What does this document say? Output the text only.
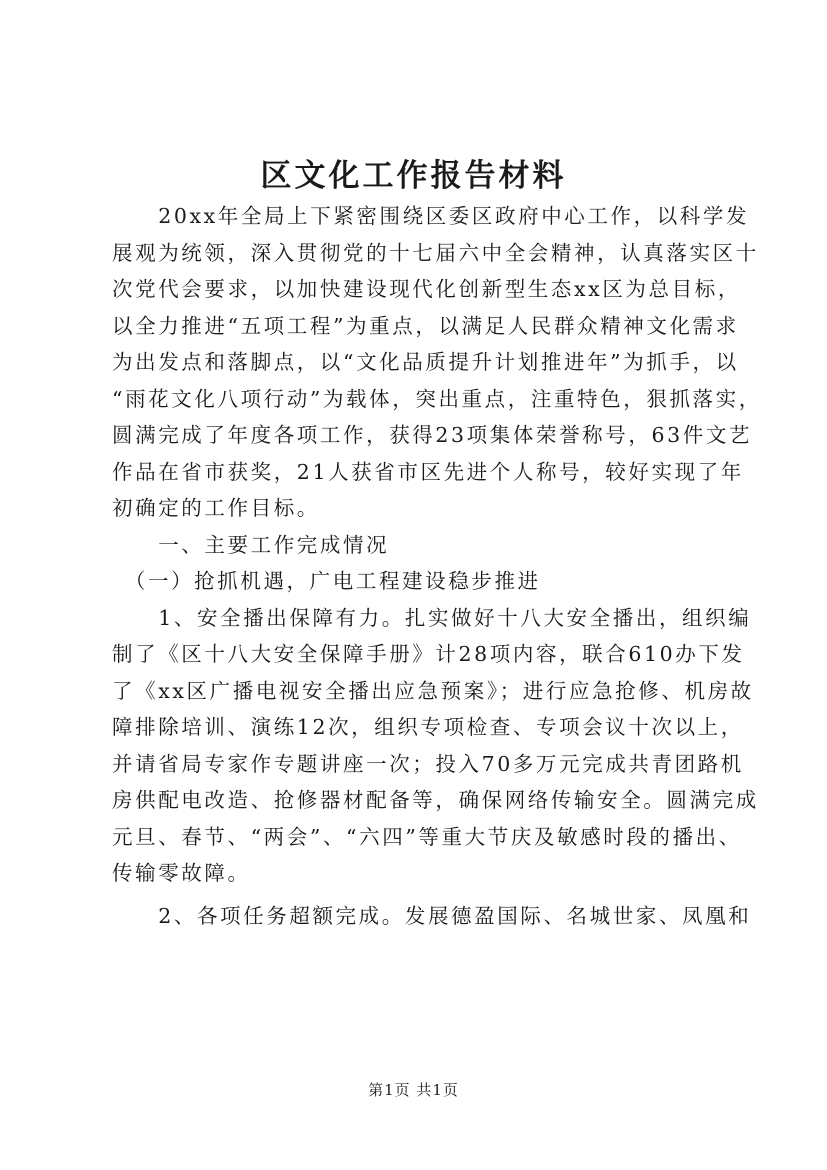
区文化工作报告材料
　　20xx年全局上下紧密围绕区委区政府中心工作，以科学发
展观为统领，深入贯彻党的十七届六中全会精神，认真落实区十
次党代会要求，以加快建设现代化创新型生态xx区为总目标，
以全力推进“五项工程”为重点，以满足人民群众精神文化需求
为出发点和落脚点，以“文化品质提升计划推进年”为抓手，以
“雨花文化八项行动”为载体，突出重点，注重特色，狠抓落实，
圆满完成了年度各项工作，获得23项集体荣誉称号，63件文艺
作品在省市获奖，21人获省市区先进个人称号，较好实现了年
初确定的工作目标。
　　一、主要工作完成情况
　（一）抢抓机遇，广电工程建设稳步推进
　　1、安全播出保障有力。扎实做好十八大安全播出，组织编
制了《区十八大安全保障手册》计28项内容，联合610办下发
了《xx区广播电视安全播出应急预案》；进行应急抢修、机房故
障排除培训、演练12次，组织专项检查、专项会议十次以上，
并请省局专家作专题讲座一次；投入70多万元完成共青团路机
房供配电改造、抢修器材配备等，确保网络传输安全。圆满完成
元旦、春节、“两会”、“六四”等重大节庆及敏感时段的播出、
传输零故障。
　　2、各项任务超额完成。发展德盈国际、名城世家、凤凰和
第1页 共1页
